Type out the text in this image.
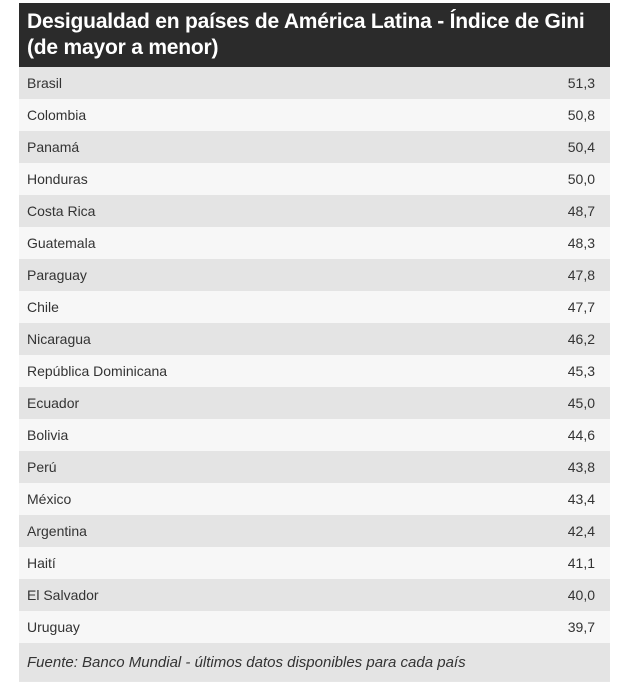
Desigualdad en países de América Latina - Índice de Gini (de mayor a menor)
Brasil	51,3
Colombia	50,8
Panamá	50,4
Honduras	50,0
Costa Rica	48,7
Guatemala	48,3
Paraguay	47,8
Chile	47,7
Nicaragua	46,2
República Dominicana	45,3
Ecuador	45,0
Bolivia	44,6
Perú	43,8
México	43,4
Argentina	42,4
Haití	41,1
El Salvador	40,0
Uruguay	39,7
Fuente: Banco Mundial - últimos datos disponibles para cada país
